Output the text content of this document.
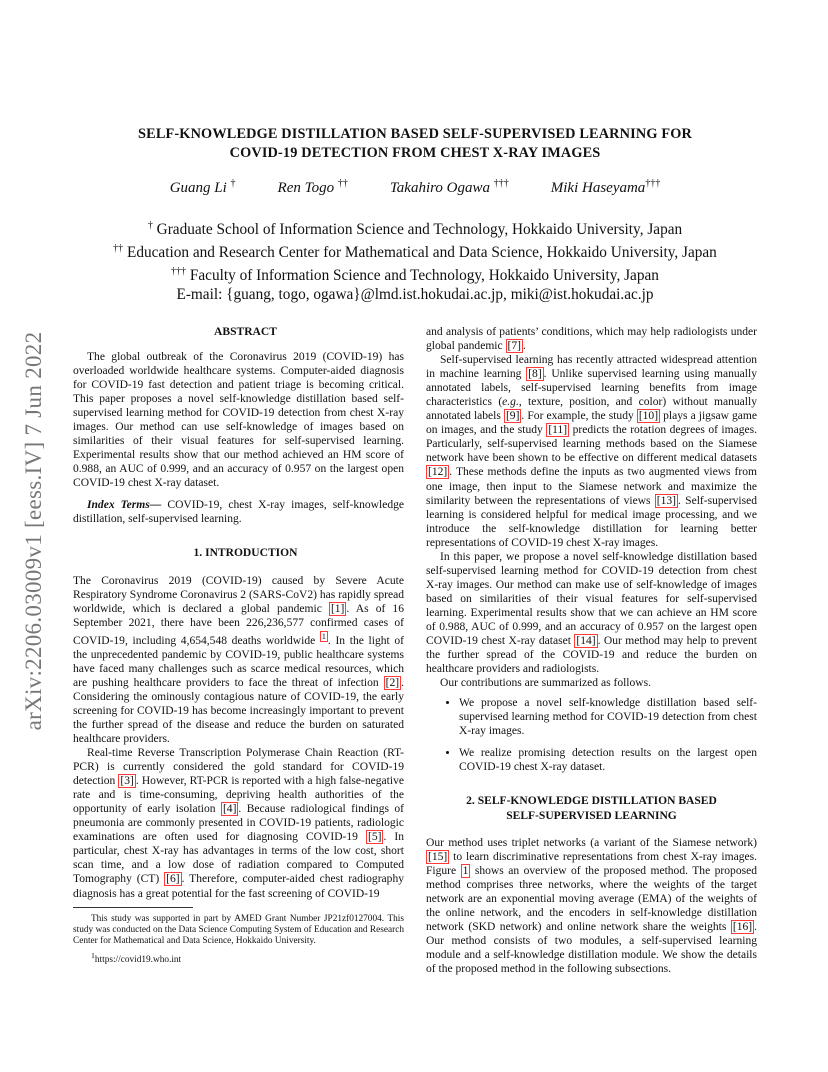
arXiv:2206.03009v1 [eess.IV] 7 Jun 2022
SELF-KNOWLEDGE DISTILLATION BASED SELF-SUPERVISED LEARNING FOR
COVID-19 DETECTION FROM CHEST X-RAY IMAGES
Guang Li †	Ren Togo ††	Takahiro Ogawa †††	Miki Haseyama†††
† Graduate School of Information Science and Technology, Hokkaido University, Japan
†† Education and Research Center for Mathematical and Data Science, Hokkaido University, Japan
††† Faculty of Information Science and Technology, Hokkaido University, Japan
E-mail: {guang, togo, ogawa}@lmd.ist.hokudai.ac.jp, miki@ist.hokudai.ac.jp

ABSTRACT

The global outbreak of the Coronavirus 2019 (COVID-19) has overloaded worldwide healthcare systems. Computer-aided diagnosis for COVID-19 fast detection and patient triage is becoming critical. This paper proposes a novel self-knowledge distillation based self-supervised learning method for COVID-19 detection from chest X-ray images. Our method can use self-knowledge of images based on similarities of their visual features for self-supervised learning. Experimental results show that our method achieved an HM score of 0.988, an AUC of 0.999, and an accuracy of 0.957 on the largest open COVID-19 chest X-ray dataset.

Index Terms— COVID-19, chest X-ray images, self-knowledge distillation, self-supervised learning.

1. INTRODUCTION

The Coronavirus 2019 (COVID-19) caused by Severe Acute Respiratory Syndrome Coronavirus 2 (SARS-CoV2) has rapidly spread worldwide, which is declared a global pandemic [1] . As of 16 September 2021, there have been 226,236,577 confirmed cases of COVID-19, including 4,654,548 deaths worldwide $^1$ . In the light of the unprecedented pandemic by COVID-19, public healthcare systems have faced many challenges such as scarce medical resources, which are pushing healthcare providers to face the threat of infection [2] . Considering the ominously contagious nature of COVID-19, the early screening for COVID-19 has become increasingly important to prevent the further spread of the disease and reduce the burden on saturated healthcare providers.

Real-time Reverse Transcription Polymerase Chain Reaction (RT-PCR) is currently considered the gold standard for COVID-19 detection [3] . However, RT-PCR is reported with a high false-negative rate and is time-consuming, depriving health authorities of the opportunity of early isolation [4] . Because radiological findings of pneumonia are commonly presented in COVID-19 patients, radiologic examinations are often used for diagnosing COVID-19 [5] . In particular, chest X-ray has advantages in terms of the low cost, short scan time, and a low dose of radiation compared to Computed Tomography (CT) [6] . Therefore, computer-aided chest radiography diagnosis has a great potential for the fast screening of COVID-19

This study was supported in part by AMED Grant Number JP21zf0127004. This study was conducted on the Data Science Computing System of Education and Research Center for Mathematical and Data Science, Hokkaido University.

$^1$https://covid19.who.int

and analysis of patients’ conditions, which may help radiologists under global pandemic [7] .

Self-supervised learning has recently attracted widespread attention in machine learning [8] . Unlike supervised learning using manually annotated labels, self-supervised learning benefits from image characteristics (e.g., texture, position, and color) without manually annotated labels [9] . For example, the study [10] plays a jigsaw game on images, and the study [11] predicts the rotation degrees of images. Particularly, self-supervised learning methods based on the Siamese network have been shown to be effective on different medical datasets [12] . These methods define the inputs as two augmented views from one image, then input to the Siamese network and maximize the similarity between the representations of views [13] . Self-supervised learning is considered helpful for medical image processing, and we introduce the self-knowledge distillation for learning better representations of COVID-19 chest X-ray images.

In this paper, we propose a novel self-knowledge distillation based self-supervised learning method for COVID-19 detection from chest X-ray images. Our method can make use of self-knowledge of images based on similarities of their visual features for self-supervised learning. Experimental results show that we can achieve an HM score of 0.988, AUC of 0.999, and an accuracy of 0.957 on the largest open COVID-19 chest X-ray dataset [14] . Our method may help to prevent the further spread of the COVID-19 and reduce the burden on healthcare providers and radiologists.

Our contributions are summarized as follows.

• We propose a novel self-knowledge distillation based self-supervised learning method for COVID-19 detection from chest X-ray images.
• We realize promising detection results on the largest open COVID-19 chest X-ray dataset.
2. SELF-KNOWLEDGE DISTILLATION BASED
SELF-SUPERVISED LEARNING

Our method uses triplet networks (a variant of the Siamese network) [15] to learn discriminative representations from chest X-ray images. Figure 1 shows an overview of the proposed method. The proposed method comprises three networks, where the weights of the target network are an exponential moving average (EMA) of the weights of the online network, and the encoders in self-knowledge distillation network (SKD network) and online network share the weights [16] . Our method consists of two modules, a self-supervised learning module and a self-knowledge distillation module. We show the details of the proposed method in the following subsections.
